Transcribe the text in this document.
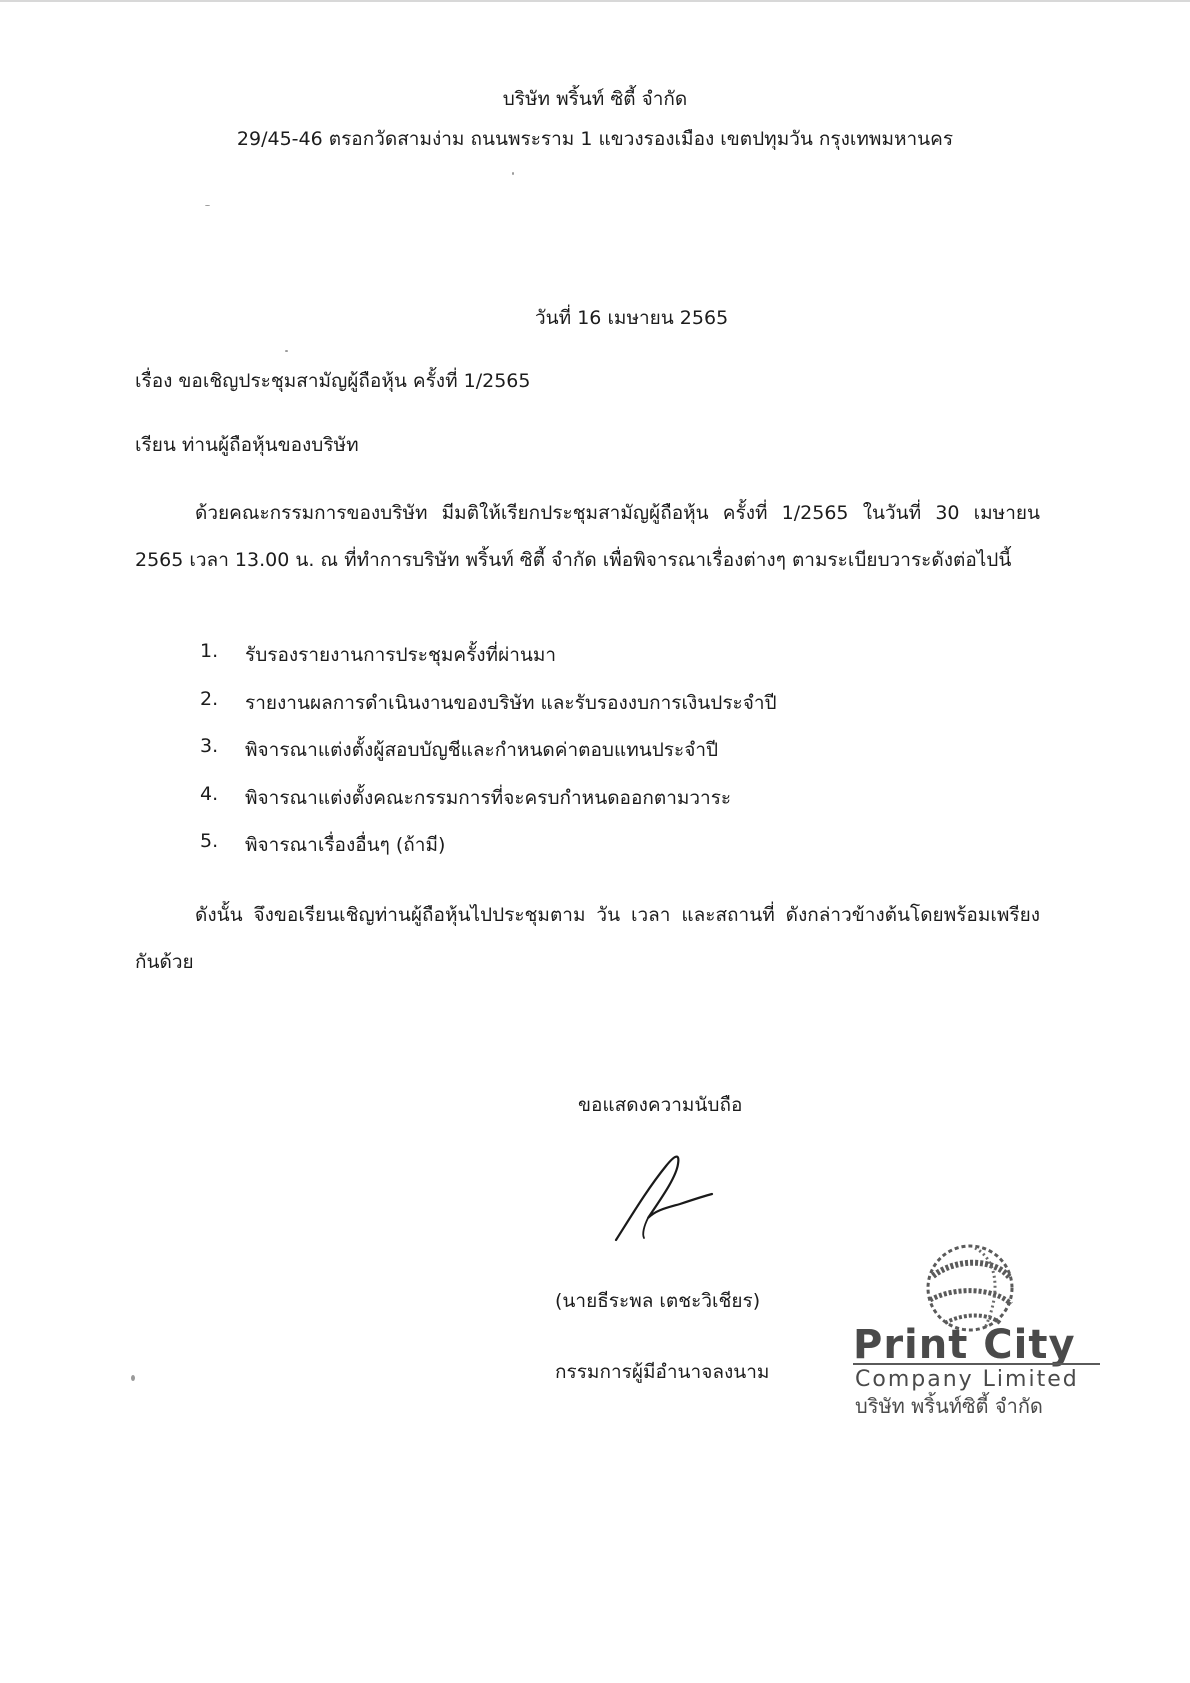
บริษัท พริ้นท์ ซิตี้ จำกัด
29/45-46 ตรอกวัดสามง่าม ถนนพระราม 1 แขวงรองเมือง เขตปทุมวัน กรุงเทพมหานคร
วันที่ 16 เมษายน 2565
เรื่อง ขอเชิญประชุมสามัญผู้ถือหุ้น ครั้งที่ 1/2565
เรียน ท่านผู้ถือหุ้นของบริษัท
ด้วยคณะกรรมการของบริษัท มีมติให้เรียกประชุมสามัญผู้ถือหุ้น ครั้งที่ 1/2565 ในวันที่ 30 เมษายน 2565 เวลา 13.00 น. ณ ที่ทำการบริษัท พริ้นท์ ซิตี้ จำกัด เพื่อพิจารณาเรื่องต่างๆ ตามระเบียบวาระดังต่อไปนี้
1.	รับรองรายงานการประชุมครั้งที่ผ่านมา
2.	รายงานผลการดำเนินงานของบริษัท และรับรองงบการเงินประจำปี
3.	พิจารณาแต่งตั้งผู้สอบบัญชีและกำหนดค่าตอบแทนประจำปี
4.	พิจารณาแต่งตั้งคณะกรรมการที่จะครบกำหนดออกตามวาระ
5.	พิจารณาเรื่องอื่นๆ (ถ้ามี)
ดังนั้น จึงขอเรียนเชิญท่านผู้ถือหุ้นไปประชุมตาม วัน เวลา และสถานที่ ดังกล่าวข้างต้นโดยพร้อมเพรียงกันด้วย
ขอแสดงความนับถือ
(นายธีระพล เตชะวิเชียร)
กรรมการผู้มีอำนาจลงนาม
Print City
Company Limited
บริษัท พริ้นท์ซิตี้ จำกัด
